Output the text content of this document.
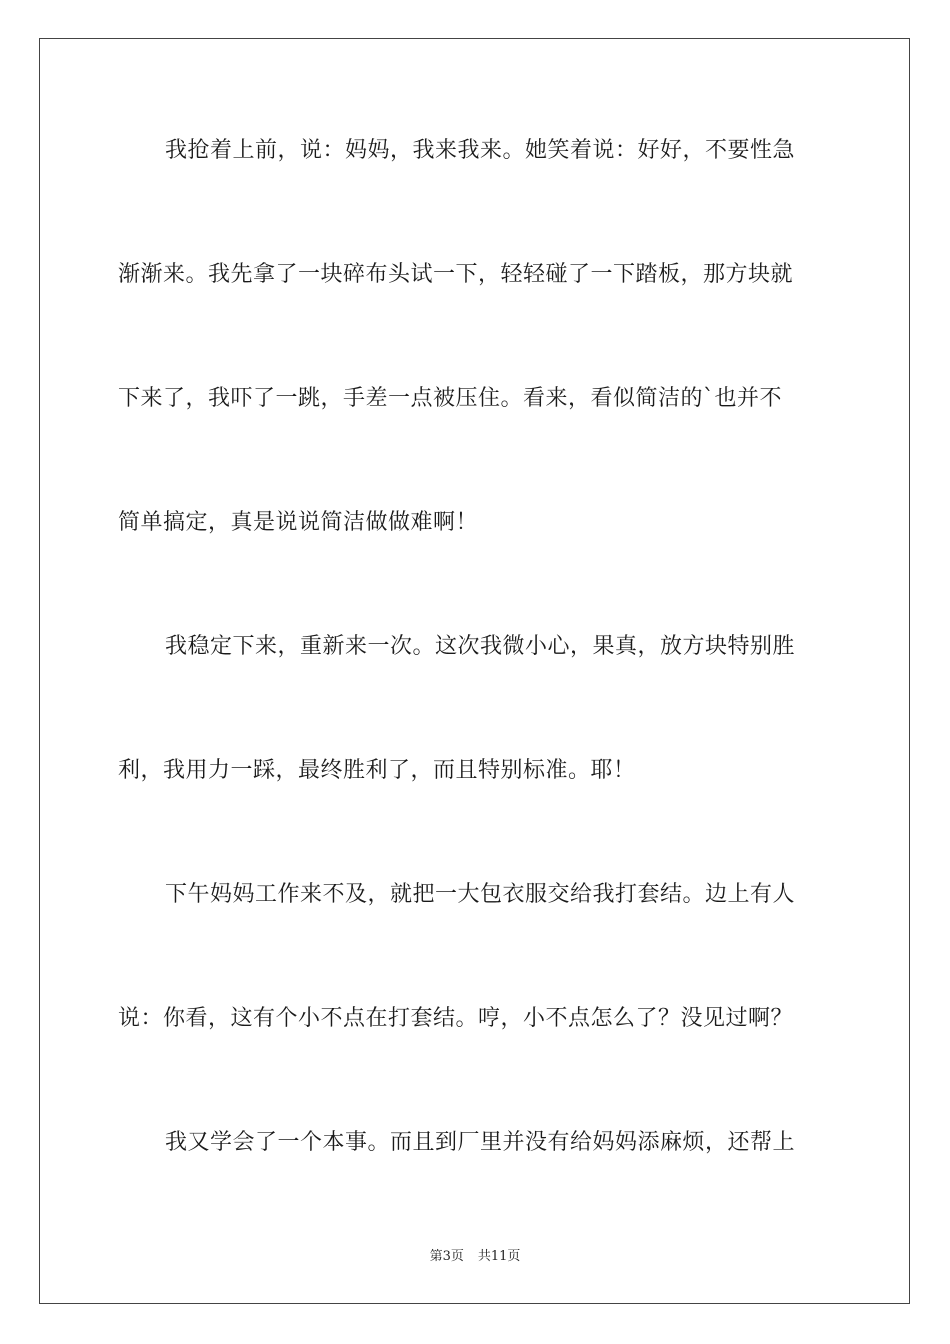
我抢着上前，说：妈妈，我来我来。她笑着说：好好，不要性急
渐渐来。我先拿了一块碎布头试一下，轻轻碰了一下踏板，那方块就
下来了，我吓了一跳，手差一点被压住。看来，看似简洁的`也并不
简单搞定，真是说说简洁做做难啊！
我稳定下来，重新来一次。这次我微小心，果真，放方块特别胜
利，我用力一踩，最终胜利了，而且特别标准。耶！
下午妈妈工作来不及，就把一大包衣服交给我打套结。边上有人
说：你看，这有个小不点在打套结。哼，小不点怎么了？没见过啊？
我又学会了一个本事。而且到厂里并没有给妈妈添麻烦，还帮上
第3页 共11页
